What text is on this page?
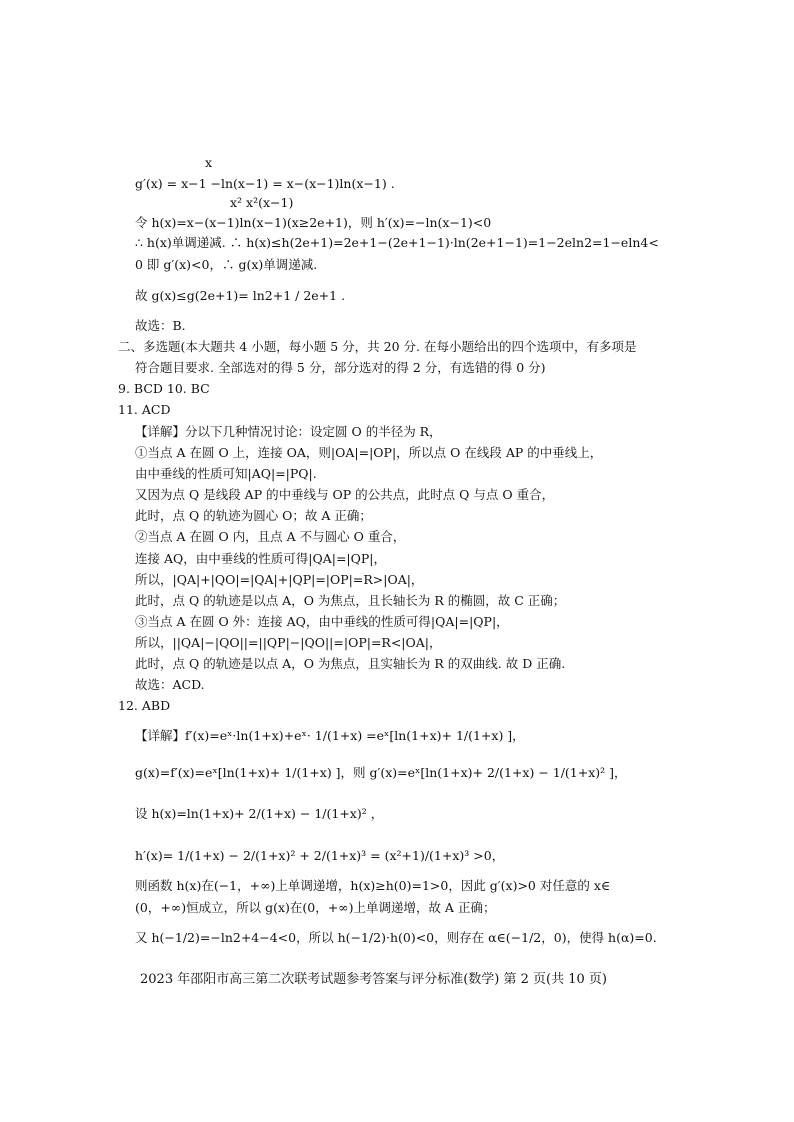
x
g′(x) = x−1 −ln(x−1) = x−(x−1)ln(x−1) .
x² x²(x−1)
令 h(x)=x−(x−1)ln(x−1)(x≥2e+1)，则 h′(x)=−ln(x−1)<0
∴ h(x)单调递减. ∴ h(x)≤h(2e+1)=2e+1−(2e+1−1)·ln(2e+1−1)=1−2eln2=1−eln4<
0 即 g′(x)<0，∴ g(x)单调递减.
故 g(x)≤g(2e+1)= ln2+1 / 2e+1 .
故选：B.
二、多选题(本大题共 4 小题，每小题 5 分，共 20 分. 在每小题给出的四个选项中，有多项是
符合题目要求. 全部选对的得 5 分，部分选对的得 2 分，有选错的得 0 分)
9. BCD 10. BC
11. ACD
【详解】分以下几种情况讨论：设定圆 O 的半径为 R，
①当点 A 在圆 O 上，连接 OA，则|OA|=|OP|，所以点 O 在线段 AP 的中垂线上，
由中垂线的性质可知|AQ|=|PQ|.
又因为点 Q 是线段 AP 的中垂线与 OP 的公共点，此时点 Q 与点 O 重合，
此时，点 Q 的轨迹为圆心 O；故 A 正确；
②当点 A 在圆 O 内，且点 A 不与圆心 O 重合，
连接 AQ，由中垂线的性质可得|QA|=|QP|，
所以，|QA|+|QO|=|QA|+|QP|=|OP|=R>|OA|，
此时，点 Q 的轨迹是以点 A，O 为焦点，且长轴长为 R 的椭圆，故 C 正确；
③当点 A 在圆 O 外：连接 AQ，由中垂线的性质可得|QA|=|QP|，
所以，||QA|−|QO||=||QP|−|QO||=|OP|=R<|OA|，
此时，点 Q 的轨迹是以点 A，O 为焦点，且实轴长为 R 的双曲线. 故 D 正确.
故选：ACD.
12. ABD
【详解】f′(x)=eˣ·ln(1+x)+eˣ· 1/(1+x) =eˣ[ln(1+x)+ 1/(1+x) ]，
g(x)=f′(x)=eˣ[ln(1+x)+ 1/(1+x) ]，则 g′(x)=eˣ[ln(1+x)+ 2/(1+x) − 1/(1+x)² ]，
设 h(x)=ln(1+x)+ 2/(1+x) − 1/(1+x)² ，
h′(x)= 1/(1+x) − 2/(1+x)² + 2/(1+x)³ = (x²+1)/(1+x)³ >0，
则函数 h(x)在(−1，+∞)上单调递增，h(x)≥h(0)=1>0，因此 g′(x)>0 对任意的 x∈
(0，+∞)恒成立，所以 g(x)在(0，+∞)上单调递增，故 A 正确；
又 h(−1/2)=−ln2+4−4<0，所以 h(−1/2)·h(0)<0，则存在 α∈(−1/2，0)，使得 h(α)=0.
2023 年邵阳市高三第二次联考试题参考答案与评分标准(数学) 第 2 页(共 10 页)
